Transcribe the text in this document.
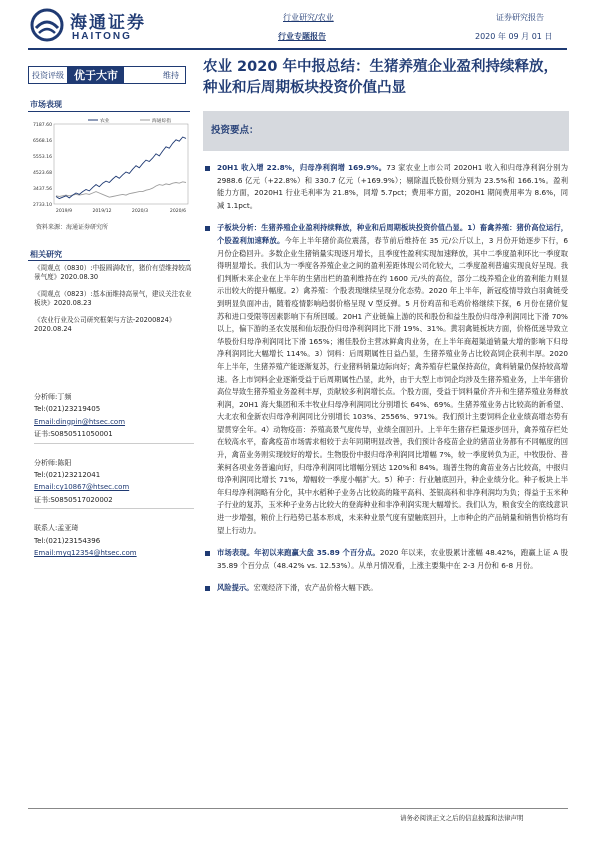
海通证券
HAITONG
行业研究/农业
行业专题报告
证券研究报告
2020 年 09 月 01 日
投资评级 优于大市	维持
市场表现
7187.60
6568.16
5553.16
4523.68
3437.56
2733.10
2019/9	2019/12	2020/3	2020/6
农业	海通综指
资料来源：海通证券研究所
相关研究
《周观点（0830）:中报圆满收官，猪价有望维持较高景气度》2020.08.30
《周观点（0823）:基本面维持高景气，建议关注农业板块》2020.08.23
《农业行业及公司研究框架与方法-20200824》2020.08.24
分析师:丁频
Tel:(021)23219405
Email:dingpin@htsec.com
证书:S0850511050001
分析师:陈阳
Tel:(021)23212041
Email:cy10867@htsec.com
证书:S0850517020002
联系人:孟亚琦
Tel:(021)23154396
Email:myq12354@htsec.com
农业 2020 年中报总结：生猪养殖企业盈利持续释放，种业和后周期板块投资价值凸显
投资要点：
20H1 收入增 22.8%，归母净利润增 169.9%。73 家农业上市公司 2020H1 收入和归母净利润分别为 2988.6 亿元（+22.8%）和 330.7 亿元（+169.9%）；剔除温氏股份则分别为 23.5%和 166.1%。盈利能力方面，2020H1 行业毛利率为 21.8%，同增 5.7pct；费用率方面，2020H1 期间费用率为 8.6%，同减 1.1pct。
子板块分析：生猪养殖企业盈利持续释放，种业和后周期板块投资价值凸显。1）畜禽养殖：猪价高位运行，个股盈利加速释放。今年上半年猪价高位震荡，春节前后维持在 35 元/公斤以上，3 月份开始逐步下行，6 月份企稳回升。多数企业生猪销量实现逐月增长，且季度性盈利实现加速释放，其中二季度盈利环比一季度取得明显增长。我们认为一季度各养殖企业之间的盈利差距体现公司化较大，二季度盈利普遍实现良好呈现。我们判断未来企业在上半年的生猪出栏的盈利维持在约 1600 元/头的高位，部分二线养殖企业的盈利能力则显示出较大的提升幅度。2）禽养殖：个股表现继续呈现分化态势。2020 年上半年，新冠疫情导致白羽禽链受到明显负面冲击，随着疫情影响趋弱价格呈现 V 型反弹。5 月份鸡苗和毛鸡价格继续下探，6 月份在猪价复苏和进口受限等因素影响下有所回暖。20H1 产业链偏上游的民和股份和益生股份归母净利润同比下滑 70%以上，偏下游的圣农发展和仙坛股份归母净利润同比下滑 19%、31%。黄羽禽链板块方面，价格低迷导致立华股份归母净利润同比下滑 165%；湘佳股份主营冰鲜禽肉业务，在上半年商超渠道销量大增的影响下归母净利润同比大幅增长 114%。3）饲料：后周期属性日益凸显，生猪养殖业务占比较高饲企获利丰厚。2020 年上半年，生猪养殖产能逐渐复苏，行业猪料销量边际向好；禽养殖存栏量保持高位，禽料销量仍保持较高增速。各上市饲料企业逐渐受益于后周期属性凸显，此外，由于大型上市饲企均涉及生猪养殖业务，上半年猪价高位导致生猪养殖业务盈利丰厚，贡献较多利润增长点。个股方面，受益于饲料量价齐升和生猪养殖业务释放利润，20H1 海大集团和禾丰牧业归母净利润同比分别增长 64%、69%。生猪养殖业务占比较高的新希望、大北农和金新农归母净利润同比分别增长 103%、2556%、971%。我们预计主要饲料企业业绩高增态势有望贯穿全年。4）动物疫苗：养殖高景气度传导，业绩全面回升。上半年生猪存栏量逐步回升，禽养殖存栏处在较高水平，畜禽疫苗市场需求相较于去年同期明显改善，我们预计各疫苗企业的猪苗业务都有不同幅度的回升，禽苗业务则实现较好的增长。生物股份中报归母净利润同比增幅 7%，较一季度转负为正，中牧股份、普莱柯各项业务普遍向好，归母净利润同比增幅分别达 120%和 84%。瑞普生物的禽苗业务占比较高，中报归母净利润同比增长 71%，增幅较一季度小幅扩大。5）种子：行业触底回升，种企业绩分化。种子板块上半年归母净利润略有分化，其中水稻种子业务占比较高的隆平高科、荃银高科和非净利润均为负；得益于玉米种子行业的复苏，玉米种子业务占比较大的登海种业和非净利润实现大幅增长。我们认为，粮食安全的底线意识进一步增强，粮价上行趋势已基本形成，未来种业景气度有望触底回升，上市种企的产品销量和销售价格均有望上行动力。
市场表现。年初以来跑赢大盘 35.89 个百分点。2020 年以来，农业股累计涨幅 48.42%，跑赢上证 A 股 35.89 个百分点（48.42% vs. 12.53%）。从单月情况看，上涨主要集中在 2-3 月份和 6-8 月份。
风险提示。宏观经济下滑，农产品价格大幅下跌。
请务必阅读正文之后的信息披露和法律声明
